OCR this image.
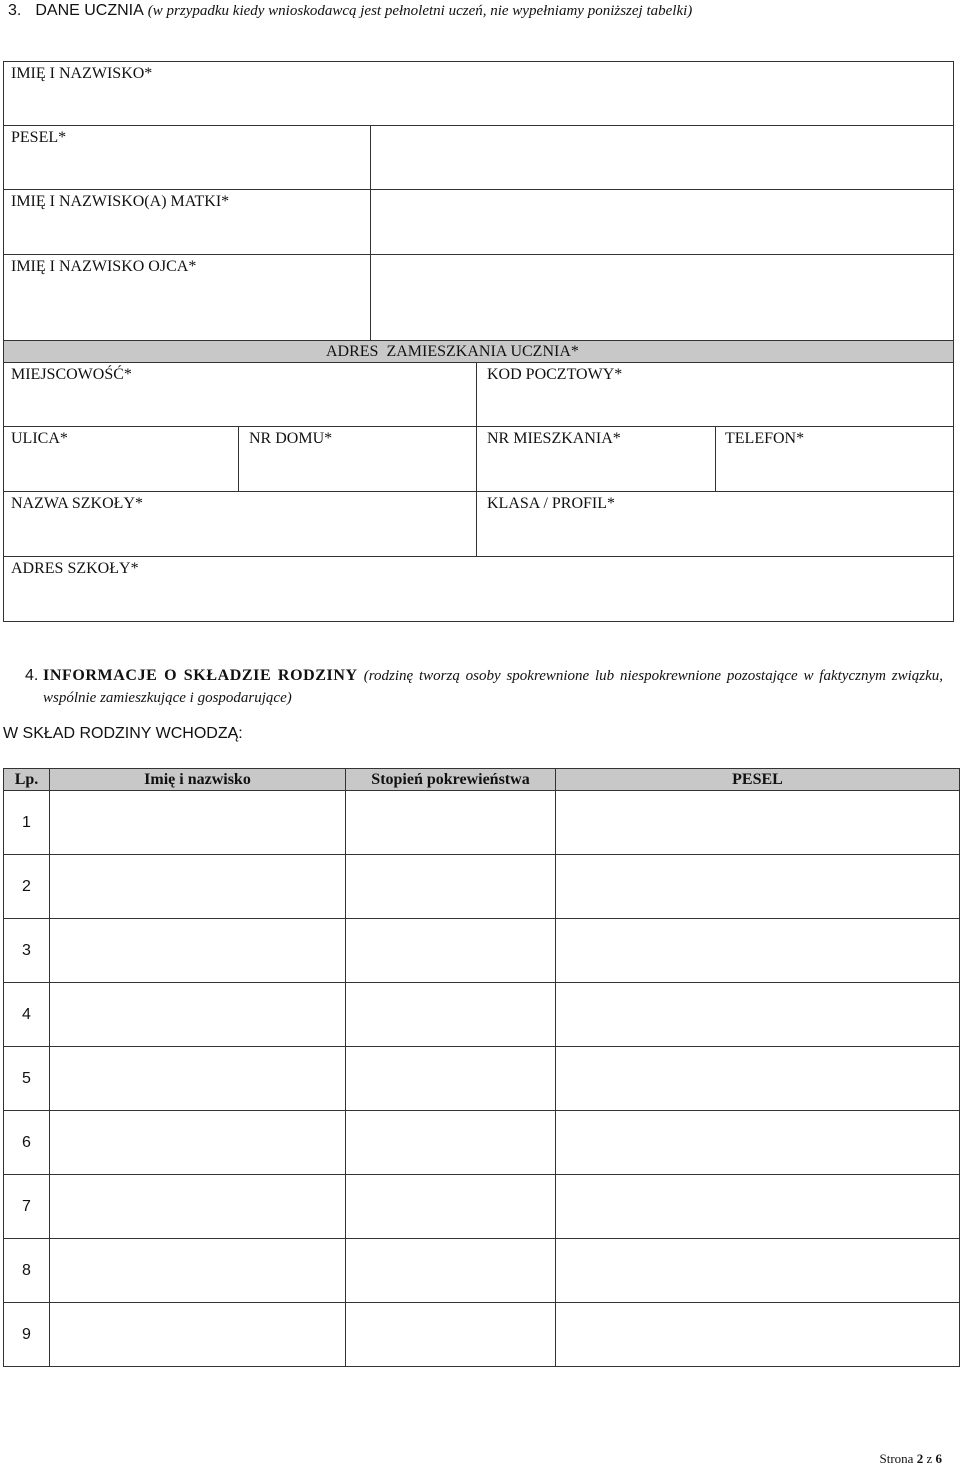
3. DANE UCZNIA (w przypadku kiedy wnioskodawcą jest pełnoletni uczeń, nie wypełniamy poniższej tabelki)
IMIĘ I NAZWISKO*
PESEL*
IMIĘ I NAZWISKO(A) MATKI*
IMIĘ I NAZWISKO OJCA*
ADRES  ZAMIESZKANIA UCZNIA*
MIEJSCOWOŚĆ*	KOD POCZTOWY*
ULICA*	NR DOMU*	NR MIESZKANIA*	TELEFON*
NAZWA SZKOŁY*	KLASA / PROFIL*
ADRES SZKOŁY*
4. INFORMACJE O SKŁADZIE RODZINY (rodzinę tworzą osoby spokrewnione lub niespokrewnione pozostające w faktycznym związku, wspólnie zamieszkujące i gospodarujące)
W SKŁAD RODZINY WCHODZĄ:
Lp.	Imię i nazwisko	Stopień pokrewieństwa	PESEL
1			
2			
3			
4			
5			
6			
7			
8			
9			
Strona 2 z 6
